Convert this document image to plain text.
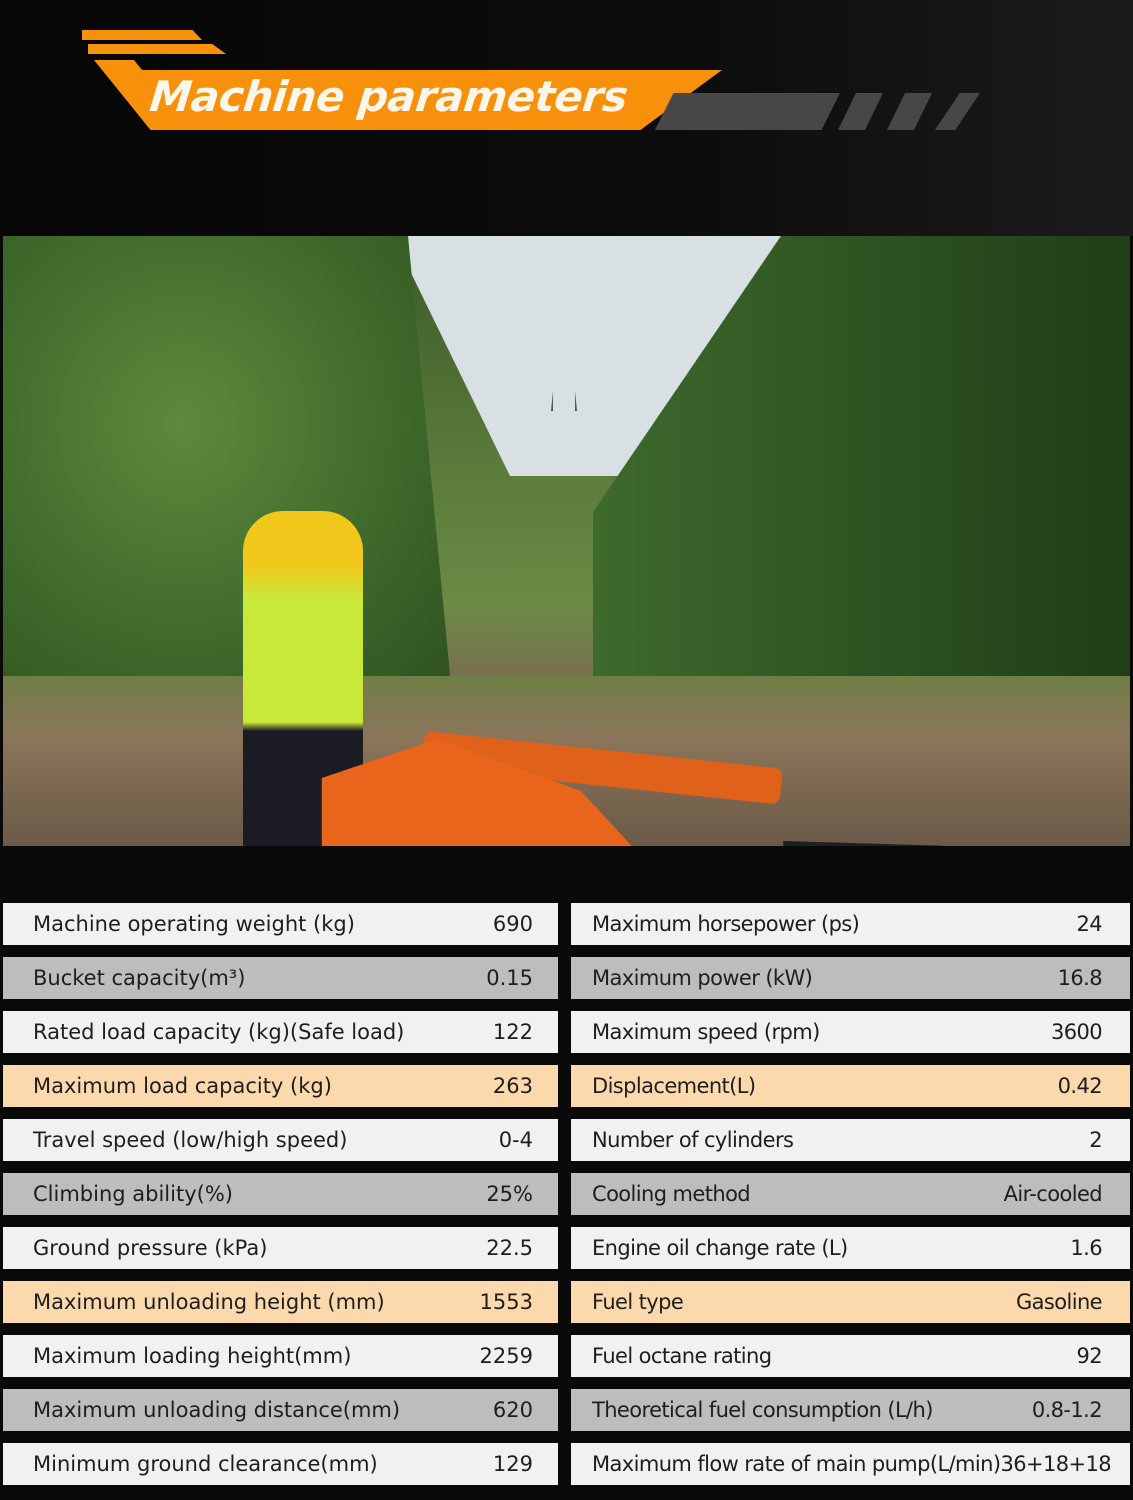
Machine parameters
Machine operating weight (kg)	690
Bucket capacity(m³)	0.15
Rated load capacity (kg)(Safe load)	122
Maximum load capacity (kg)	263
Travel speed (low/high speed)	0-4
Climbing ability(%)	25%
Ground pressure (kPa)	22.5
Maximum unloading height (mm)	1553
Maximum loading height(mm)	2259
Maximum unloading distance(mm)	620
Minimum ground clearance(mm)	129
Maximum horsepower (ps)	24
Maximum power (kW)	16.8
Maximum speed (rpm)	3600
Displacement(L)	0.42
Number of cylinders	2
Cooling method	Air-cooled
Engine oil change rate (L)	1.6
Fuel type	Gasoline
Fuel octane rating	92
Theoretical fuel consumption (L/h)	0.8-1.2
Maximum flow rate of main pump(L/min) 36+18+18
